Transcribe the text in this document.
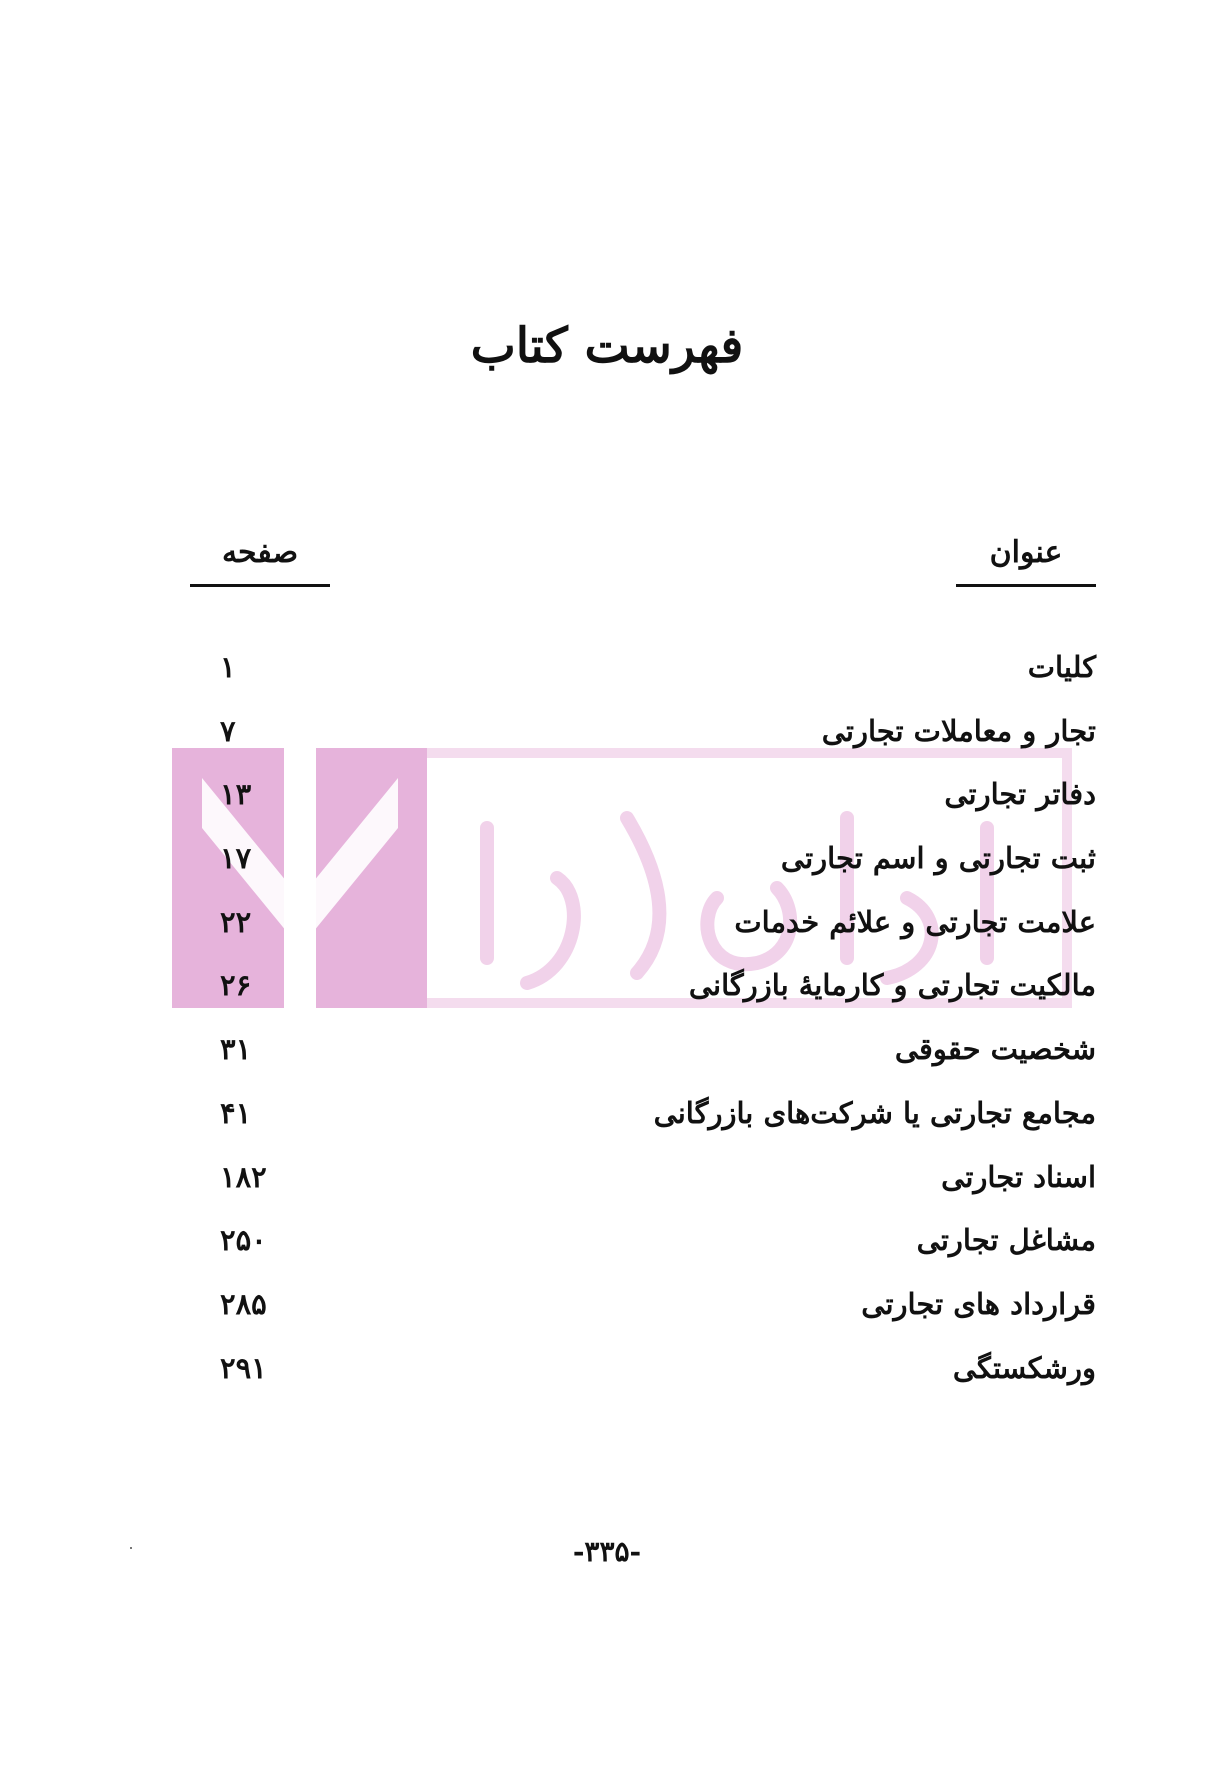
فهرست کتاب
عنوان
صفحه
کلیات
۱
تجار و معاملات تجارتی
۷
دفاتر تجارتی
۱۳
ثبت تجارتی و اسم تجارتی
۱۷
علامت تجارتی و علائم خدمات
۲۲
مالکیت تجارتی و کارمایهٔ بازرگانی
۲۶
شخصیت حقوقی
۳۱
مجامع تجارتی یا شرکت‌های بازرگانی
۴۱
اسناد تجارتی
۱۸۲
مشاغل تجارتی
۲۵۰
قرارداد های تجارتی
۲۸۵
ورشکستگی
۲۹۱
-۳۳۵-
